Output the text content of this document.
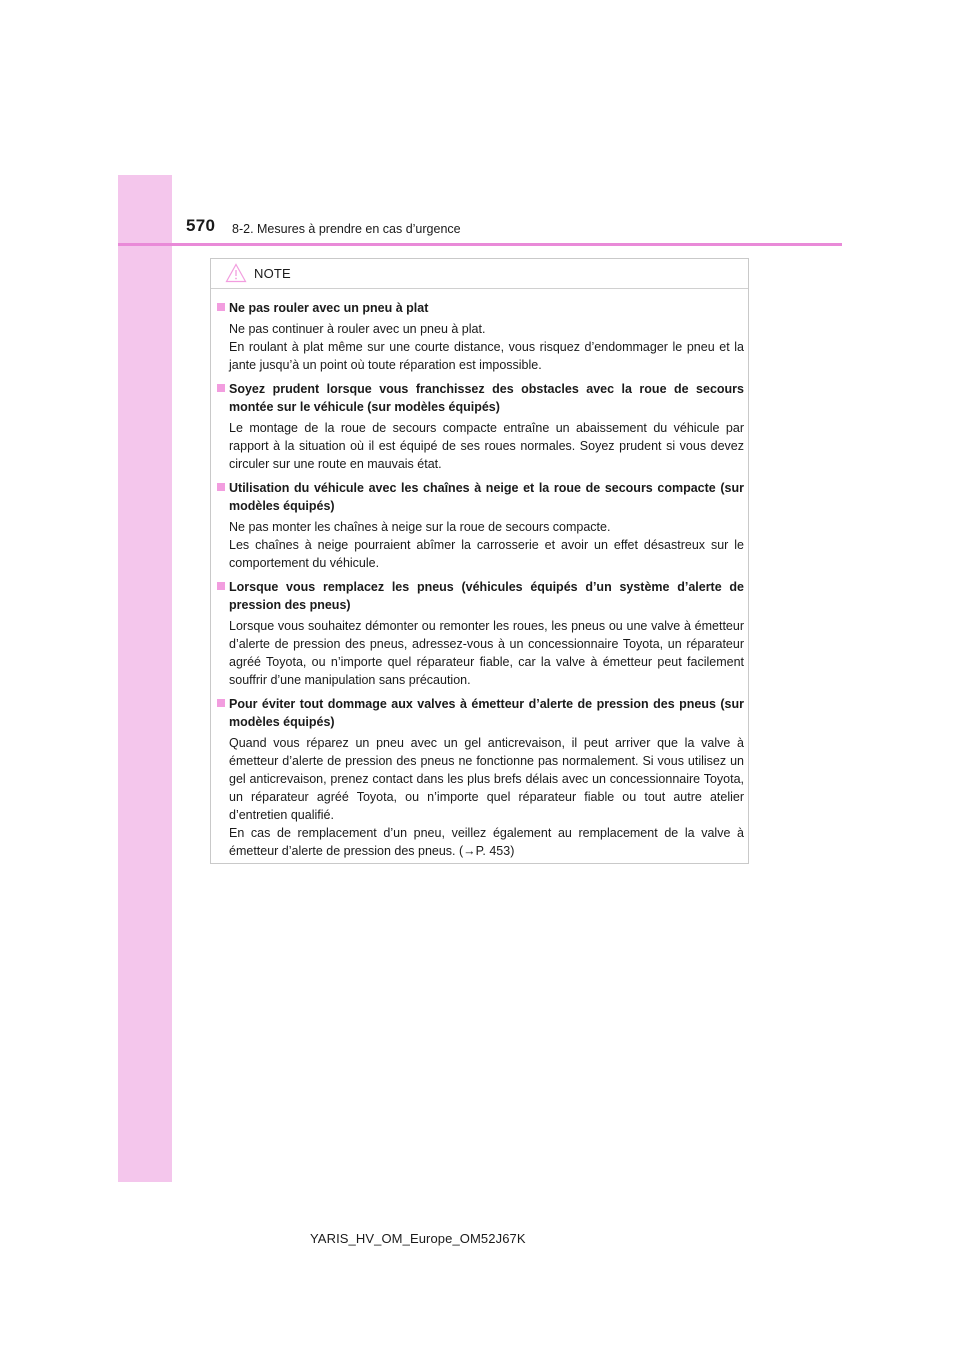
570 8-2. Mesures à prendre en cas d’urgence
NOTE
Ne pas rouler avec un pneu à plat

Ne pas continuer à rouler avec un pneu à plat.

En roulant à plat même sur une courte distance, vous risquez d’endommager le pneu et la jante jusqu’à un point où toute réparation est impossible.

Soyez prudent lorsque vous franchissez des obstacles avec la roue de secours montée sur le véhicule (sur modèles équipés)

Le montage de la roue de secours compacte entraîne un abaissement du véhicule par rapport à la situation où il est équipé de ses roues normales. Soyez prudent si vous devez circuler sur une route en mauvais état.

Utilisation du véhicule avec les chaînes à neige et la roue de secours compacte (sur modèles équipés)

Ne pas monter les chaînes à neige sur la roue de secours compacte.

Les chaînes à neige pourraient abîmer la carrosserie et avoir un effet désastreux sur le comportement du véhicule.

Lorsque vous remplacez les pneus (véhicules équipés d’un système d’alerte de pression des pneus)

Lorsque vous souhaitez démonter ou remonter les roues, les pneus ou une valve à émetteur d’alerte de pression des pneus, adressez-vous à un concessionnaire Toyota, un réparateur agréé Toyota, ou n’importe quel réparateur fiable, car la valve à émetteur peut facilement souffrir d’une manipulation sans précaution.

Pour éviter tout dommage aux valves à émetteur d’alerte de pression des pneus (sur modèles équipés)

Quand vous réparez un pneu avec un gel anticrevaison, il peut arriver que la valve à émetteur d’alerte de pression des pneus ne fonctionne pas normalement. Si vous utilisez un gel anticrevaison, prenez contact dans les plus brefs délais avec un concessionnaire Toyota, un réparateur agréé Toyota, ou n’importe quel réparateur fiable ou tout autre atelier d’entretien qualifié.

En cas de remplacement d’un pneu, veillez également au remplacement de la valve à émetteur d’alerte de pression des pneus. (→P. 453)

YARIS_HV_OM_Europe_OM52J67K
